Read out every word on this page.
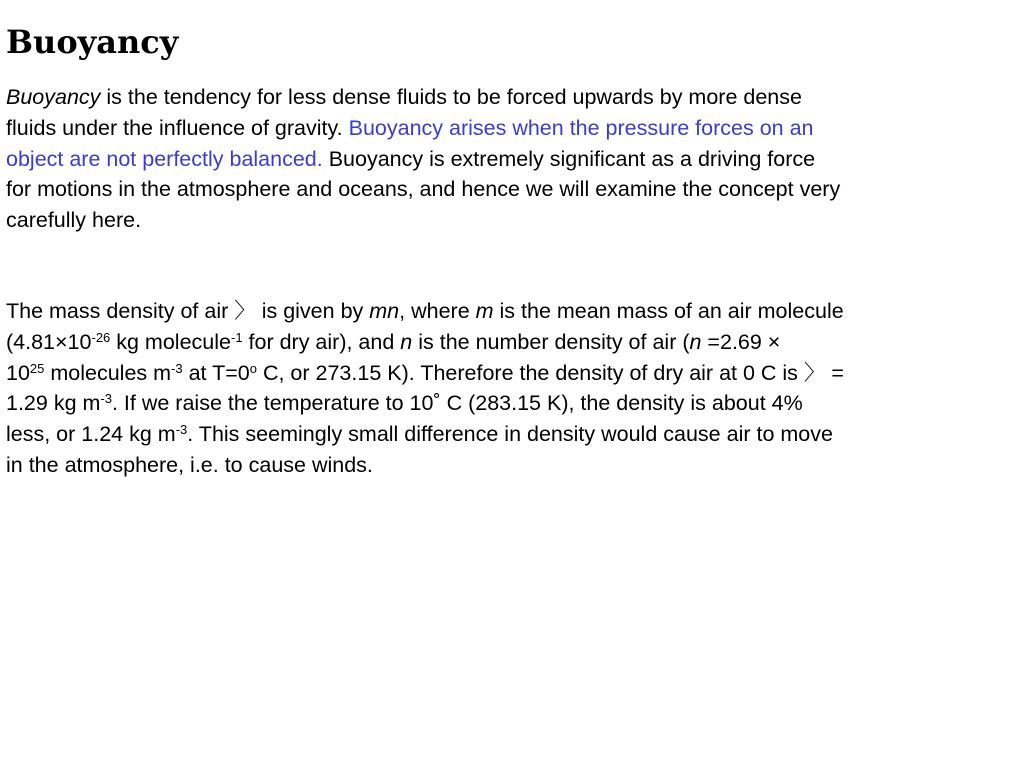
Buoyancy
Buoyancy is the tendency for less dense fluids to be forced upwards by more dense
fluids under the influence of gravity. Buoyancy arises when the pressure forces on an
object are not perfectly balanced. Buoyancy is extremely significant as a driving force
for motions in the atmosphere and oceans, and hence we will examine the concept very
carefully here.
The mass density of air 〉 is given by mn, where m is the mean mass of an air molecule
($4.81\times 10^{-26}$ kg molecule$^{-1}$ for dry air), and n is the number density of air (n =2.69 ×
$10^{25}$ molecules $m^{-3}$ at $T=0^o$ C, or 273.15 K). Therefore the density of dry air at 0 C is 〉 =
1.29 kg $m^{-3}$. If we raise the temperature to 10˚ C (283.15 K), the density is about 4%
less, or 1.24 kg $m^{-3}$. This seemingly small difference in density would cause air to move
in the atmosphere, i.e. to cause winds.
